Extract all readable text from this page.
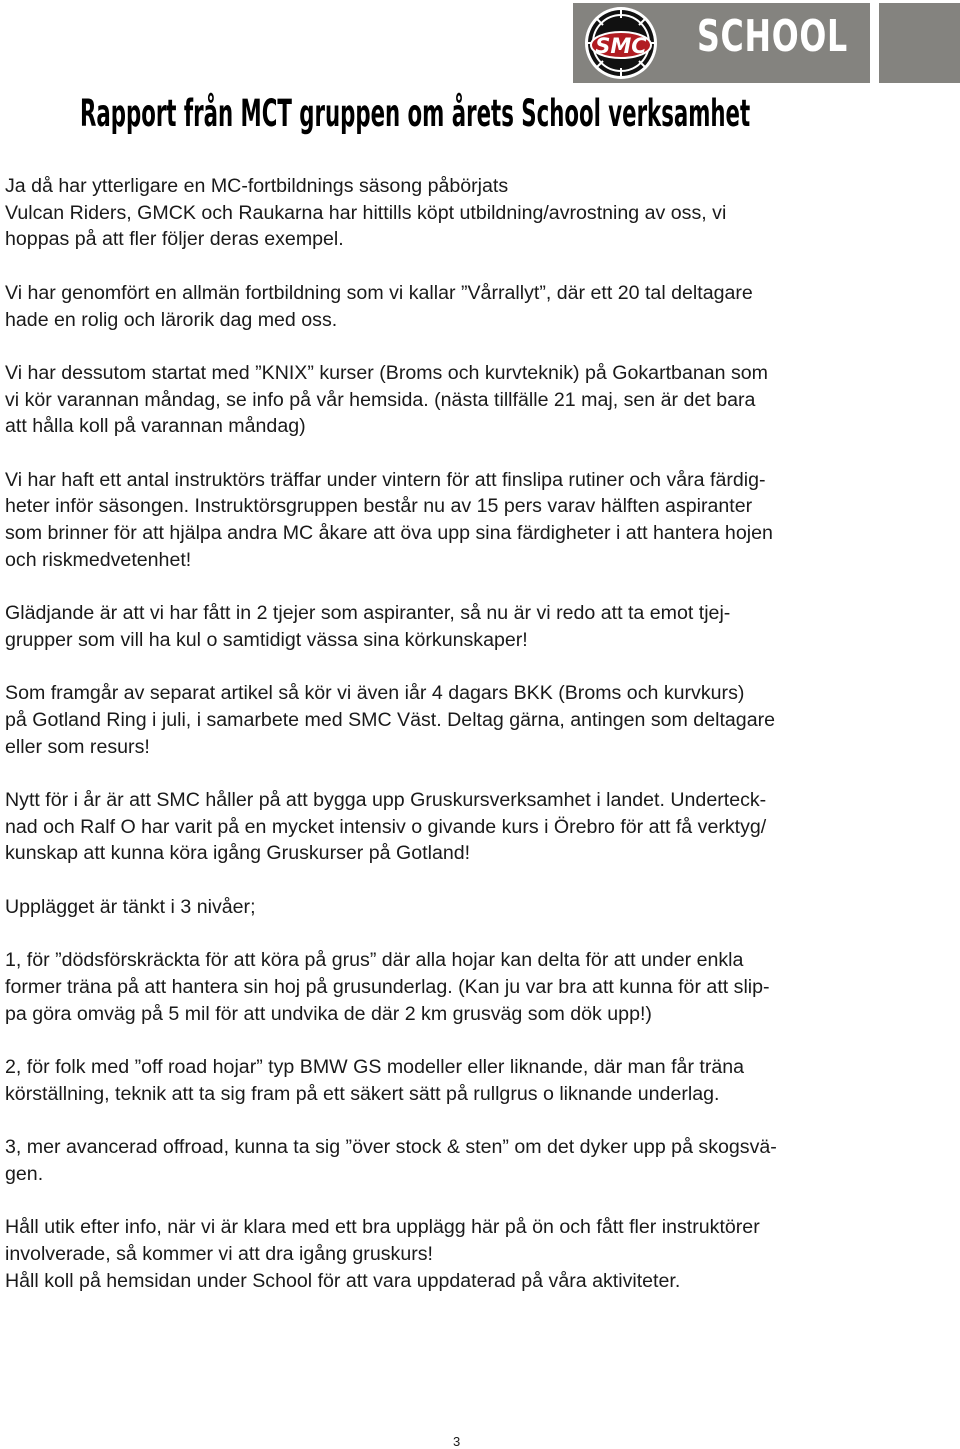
SMC SCHOOL
Rapport från MCT gruppen om årets School verksamhet

Ja då har ytterligare en MC-fortbildnings säsong påbörjats
Vulcan Riders, GMCK och Raukarna har hittills köpt utbildning/avrostning av oss, vi
hoppas på att fler följer deras exempel.

Vi har genomfört en allmän fortbildning som vi kallar ”Vårrallyt”, där ett 20 tal deltagare
hade en rolig och lärorik dag med oss.

Vi har dessutom startat med ”KNIX” kurser (Broms och kurvteknik) på Gokartbanan som
vi kör varannan måndag, se info på vår hemsida. (nästa tillfälle 21 maj, sen är det bara
att hålla koll på varannan måndag)

Vi har haft ett antal instruktörs träffar under vintern för att finslipa rutiner och våra färdig-
heter inför säsongen. Instruktörsgruppen består nu av 15 pers varav hälften aspiranter
som brinner för att hjälpa andra MC åkare att öva upp sina färdigheter i att hantera hojen
och riskmedvetenhet!

Glädjande är att vi har fått in 2 tjejer som aspiranter, så nu är vi redo att ta emot tjej-
grupper som vill ha kul o samtidigt vässa sina körkunskaper!

Som framgår av separat artikel så kör vi även iår 4 dagars BKK (Broms och kurvkurs)
på Gotland Ring i juli, i samarbete med SMC Väst. Deltag gärna, antingen som deltagare
eller som resurs!

Nytt för i år är att SMC håller på att bygga upp Gruskursverksamhet i landet. Underteck-
nad och Ralf O har varit på en mycket intensiv o givande kurs i Örebro för att få verktyg/
kunskap att kunna köra igång Gruskurser på Gotland!

Upplägget är tänkt i 3 nivåer;

1, för ”dödsförskräckta för att köra på grus” där alla hojar kan delta för att under enkla
former träna på att hantera sin hoj på grusunderlag. (Kan ju var bra att kunna för att slip-
pa göra omväg på 5 mil för att undvika de där 2 km grusväg som dök upp!)

2, för folk med ”off road hojar” typ BMW GS modeller eller liknande, där man får träna
körställning, teknik att ta sig fram på ett säkert sätt på rullgrus o liknande underlag.

3, mer avancerad offroad, kunna ta sig ”över stock & sten” om det dyker upp på skogsvä-
gen.

Håll utik efter info, när vi är klara med ett bra upplägg här på ön och fått fler instruktörer
involverade, så kommer vi att dra igång gruskurs!
Håll koll på hemsidan under School för att vara uppdaterad på våra aktiviteter.

3
